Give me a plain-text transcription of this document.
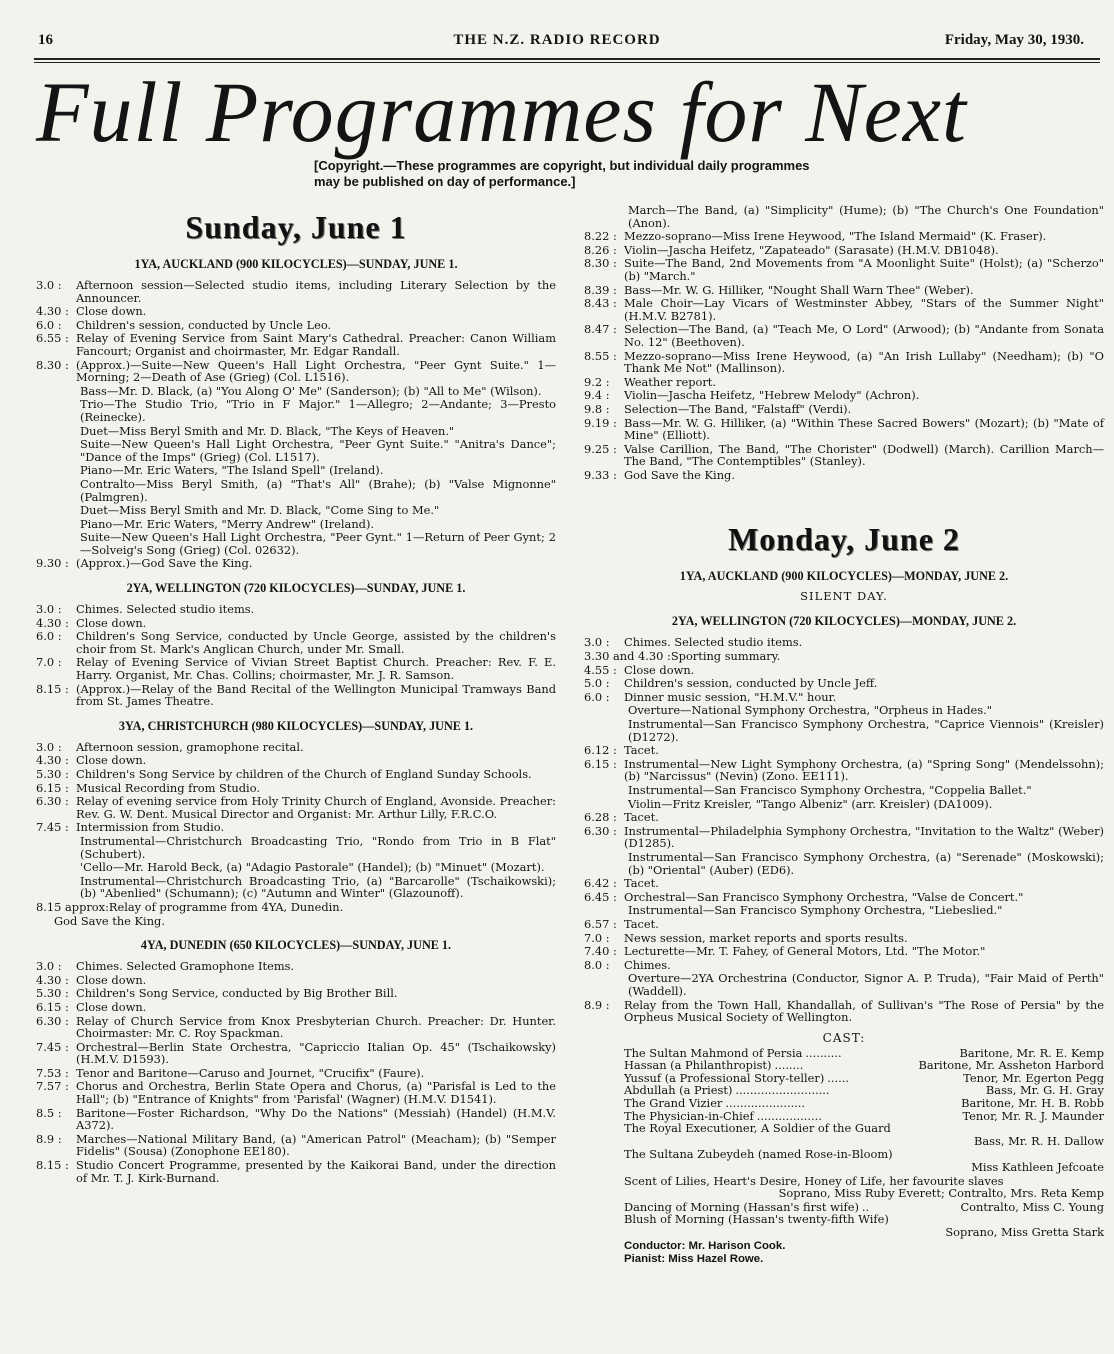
16	THE N.Z. RADIO RECORD	Friday, May 30, 1930.
Full Programmes for Next
[Copyright.—These programmes are copyright, but individual daily programmes may be published on day of performance.]
Sunday, June 1
1YA, AUCKLAND (900 KILOCYCLES)—SUNDAY, JUNE 1.
3.0 :	Afternoon session—Selected studio items, including Literary Selection by the Announcer.
4.30 : Close down.
6.0 :	Children's session, conducted by Uncle Leo.
6.55 : Relay of Evening Service from Saint Mary's Cathedral. Preacher: Canon William Fancourt; Organist and choirmaster, Mr. Edgar Randall.
8.30 : (Approx.)—Suite—New Queen's Hall Light Orchestra, "Peer Gynt Suite." 1—Morning; 2—Death of Ase (Grieg) (Col. L1516).
Bass—Mr. D. Black, (a) "You Along O' Me" (Sanderson); (b) "All to Me" (Wilson).
Trio—The Studio Trio, "Trio in F Major." 1—Allegro; 2—Andante; 3—Presto (Reinecke).
Duet—Miss Beryl Smith and Mr. D. Black, "The Keys of Heaven."
Suite—New Queen's Hall Light Orchestra, "Peer Gynt Suite." "Anitra's Dance"; "Dance of the Imps" (Grieg) (Col. L1517).
Piano—Mr. Eric Waters, "The Island Spell" (Ireland).
Contralto—Miss Beryl Smith, (a) "That's All" (Brahe); (b) "Valse Mignonne" (Palmgren).
Duet—Miss Beryl Smith and Mr. D. Black, "Come Sing to Me."
Piano—Mr. Eric Waters, "Merry Andrew" (Ireland).
Suite—New Queen's Hall Light Orchestra, "Peer Gynt." 1—Return of Peer Gynt; 2—Solveig's Song (Grieg) (Col. 02632).
9.30 : (Approx.)—God Save the King.
2YA, WELLINGTON (720 KILOCYCLES)—SUNDAY, JUNE 1.
3.0 :	Chimes. Selected studio items.
4.30 : Close down.
6.0 :	Children's Song Service, conducted by Uncle George, assisted by the children's choir from St. Mark's Anglican Church, under Mr. Small.
7.0 :	Relay of Evening Service of Vivian Street Baptist Church. Preacher: Rev. F. E. Harry. Organist, Mr. Chas. Collins; choirmaster, Mr. J. R. Samson.
8.15 : (Approx.)—Relay of the Band Recital of the Wellington Municipal Tramways Band from St. James Theatre.
3YA, CHRISTCHURCH (980 KILOCYCLES)—SUNDAY, JUNE 1.
3.0 :	Afternoon session, gramophone recital.
4.30 : Close down.
5.30 : Children's Song Service by children of the Church of England Sunday Schools.
6.15 : Musical Recording from Studio.
6.30 : Relay of evening service from Holy Trinity Church of England, Avonside. Preacher: Rev. G. W. Dent. Musical Director and Organist: Mr. Arthur Lilly, F.R.C.O.
7.45 : Intermission from Studio.
Instrumental—Christchurch Broadcasting Trio, "Rondo from Trio in B Flat" (Schubert).
'Cello—Mr. Harold Beck, (a) "Adagio Pastorale" (Handel); (b) "Minuet" (Mozart).
Instrumental—Christchurch Broadcasting Trio, (a) "Barcarolle" (Tschaikowski); (b) "Abenlied" (Schumann); (c) "Autumn and Winter" (Glazounoff).
8.15 approx: Relay of programme from 4YA, Dunedin.
God Save the King.
4YA, DUNEDIN (650 KILOCYCLES)—SUNDAY, JUNE 1.
3.0 :	Chimes. Selected Gramophone Items.
4.30 : Close down.
5.30 : Children's Song Service, conducted by Big Brother Bill.
6.15 : Close down.
6.30 : Relay of Church Service from Knox Presbyterian Church. Preacher: Dr. Hunter. Choirmaster: Mr. C. Roy Spackman.
7.45 : Orchestral—Berlin State Orchestra, "Capriccio Italian Op. 45" (Tschaikowsky) (H.M.V. D1593).
7.53 : Tenor and Baritone—Caruso and Journet, "Crucifix" (Faure).
7.57 : Chorus and Orchestra, Berlin State Opera and Chorus, (a) "Parisfal is Led to the Hall"; (b) "Entrance of Knights" from 'Parisfal' (Wagner) (H.M.V. D1541).
8.5 :	Baritone—Foster Richardson, "Why Do the Nations" (Messiah) (Handel) (H.M.V. A372).
8.9 :	Marches—National Military Band, (a) "American Patrol" (Meacham); (b) "Semper Fidelis" (Sousa) (Zonophone EE180).
8.15 : Studio Concert Programme, presented by the Kaikorai Band, under the direction of Mr. T. J. Kirk-Burnand.
March—The Band, (a) "Simplicity" (Hume); (b) "The Church's One Foundation" (Anon).
8.22 : Mezzo-soprano—Miss Irene Heywood, "The Island Mermaid" (K. Fraser).
8.26 : Violin—Jascha Heifetz, "Zapateado" (Sarasate) (H.M.V. DB1048).
8.30 : Suite—The Band, 2nd Movements from "A Moonlight Suite" (Holst); (a) "Scherzo" (b) "March."
8.39 : Bass—Mr. W. G. Hilliker, "Nought Shall Warn Thee" (Weber).
8.43 : Male Choir—Lay Vicars of Westminster Abbey, "Stars of the Summer Night" (H.M.V. B2781).
8.47 : Selection—The Band, (a) "Teach Me, O Lord" (Arwood); (b) "Andante from Sonata No. 12" (Beethoven).
8.55 : Mezzo-soprano—Miss Irene Heywood, (a) "An Irish Lullaby" (Needham); (b) "O Thank Me Not" (Mallinson).
9.2 :	Weather report.
9.4 :	Violin—Jascha Heifetz, "Hebrew Melody" (Achron).
9.8 :	Selection—The Band, "Falstaff" (Verdi).
9.19 : Bass—Mr. W. G. Hilliker, (a) "Within These Sacred Bowers" (Mozart); (b) "Mate of Mine" (Elliott).
9.25 : Valse Carillion, The Band, "The Chorister" (Dodwell) (March). Carillion March—The Band, "The Contemptibles" (Stanley).
9.33 : God Save the King.
Monday, June 2
1YA, AUCKLAND (900 KILOCYCLES)—MONDAY, JUNE 2.
SILENT DAY.
2YA, WELLINGTON (720 KILOCYCLES)—MONDAY, JUNE 2.
3.0 :	Chimes. Selected studio items.
3.30 and 4.30 : Sporting summary.
4.55 : Close down.
5.0 :	Children's session, conducted by Uncle Jeff.
6.0 :	Dinner music session, "H.M.V." hour.
Overture—National Symphony Orchestra, "Orpheus in Hades."
Instrumental—San Francisco Symphony Orchestra, "Caprice Viennois" (Kreisler) (D1272).
6.12 : Tacet.
6.15 : Instrumental—New Light Symphony Orchestra, (a) "Spring Song" (Mendelssohn); (b) "Narcissus" (Nevin) (Zono. EE111).
Instrumental—San Francisco Symphony Orchestra, "Coppelia Ballet."
Violin—Fritz Kreisler, "Tango Albeniz" (arr. Kreisler) (DA1009).
6.28 : Tacet.
6.30 : Instrumental—Philadelphia Symphony Orchestra, "Invitation to the Waltz" (Weber) (D1285).
Instrumental—San Francisco Symphony Orchestra, (a) "Serenade" (Moskowski); (b) "Oriental" (Auber) (ED6).
6.42 : Tacet.
6.45 : Orchestral—San Francisco Symphony Orchestra, "Valse de Concert."
Instrumental—San Francisco Symphony Orchestra, "Liebeslied."
6.57 : Tacet.
7.0 :	News session, market reports and sports results.
7.40 : Lecturette—Mr. T. Fahey, of General Motors, Ltd. "The Motor."
8.0 :	Chimes.
Overture—2YA Orchestrina (Conductor, Signor A. P. Truda), "Fair Maid of Perth" (Waddell).
8.9 :	Relay from the Town Hall, Khandallah, of Sullivan's "The Rose of Persia" by the Orpheus Musical Society of Wellington.
CAST:
The Sultan Mahmond of Persia ..........	Baritone, Mr. R. E. Kemp
Hassan (a Philanthropist) ........	Baritone, Mr. Assheton Harbord
Yussuf (a Professional Story-teller) ......	Tenor, Mr. Egerton Pegg
Abdullah (a Priest) ..........................	Bass, Mr. G. H. Gray
The Grand Vizier ......................	Baritone, Mr. H. B. Robb
The Physician-in-Chief ..................	Tenor, Mr. R. J. Maunder
The Royal Executioner, A Soldier of the Guard
Bass, Mr. R. H. Dallow
The Sultana Zubeydeh (named Rose-in-Bloom)
Miss Kathleen Jefcoate
Scent of Lilies, Heart's Desire, Honey of Life, her favourite slaves
Soprano, Miss Ruby Everett; Contralto, Mrs. Reta Kemp
Dancing of Morning (Hassan's first wife) ..	Contralto, Miss C. Young
Blush of Morning (Hassan's twenty-fifth Wife)
Soprano, Miss Gretta Stark
Conductor: Mr. Harison Cook.
Pianist: Miss Hazel Rowe.
